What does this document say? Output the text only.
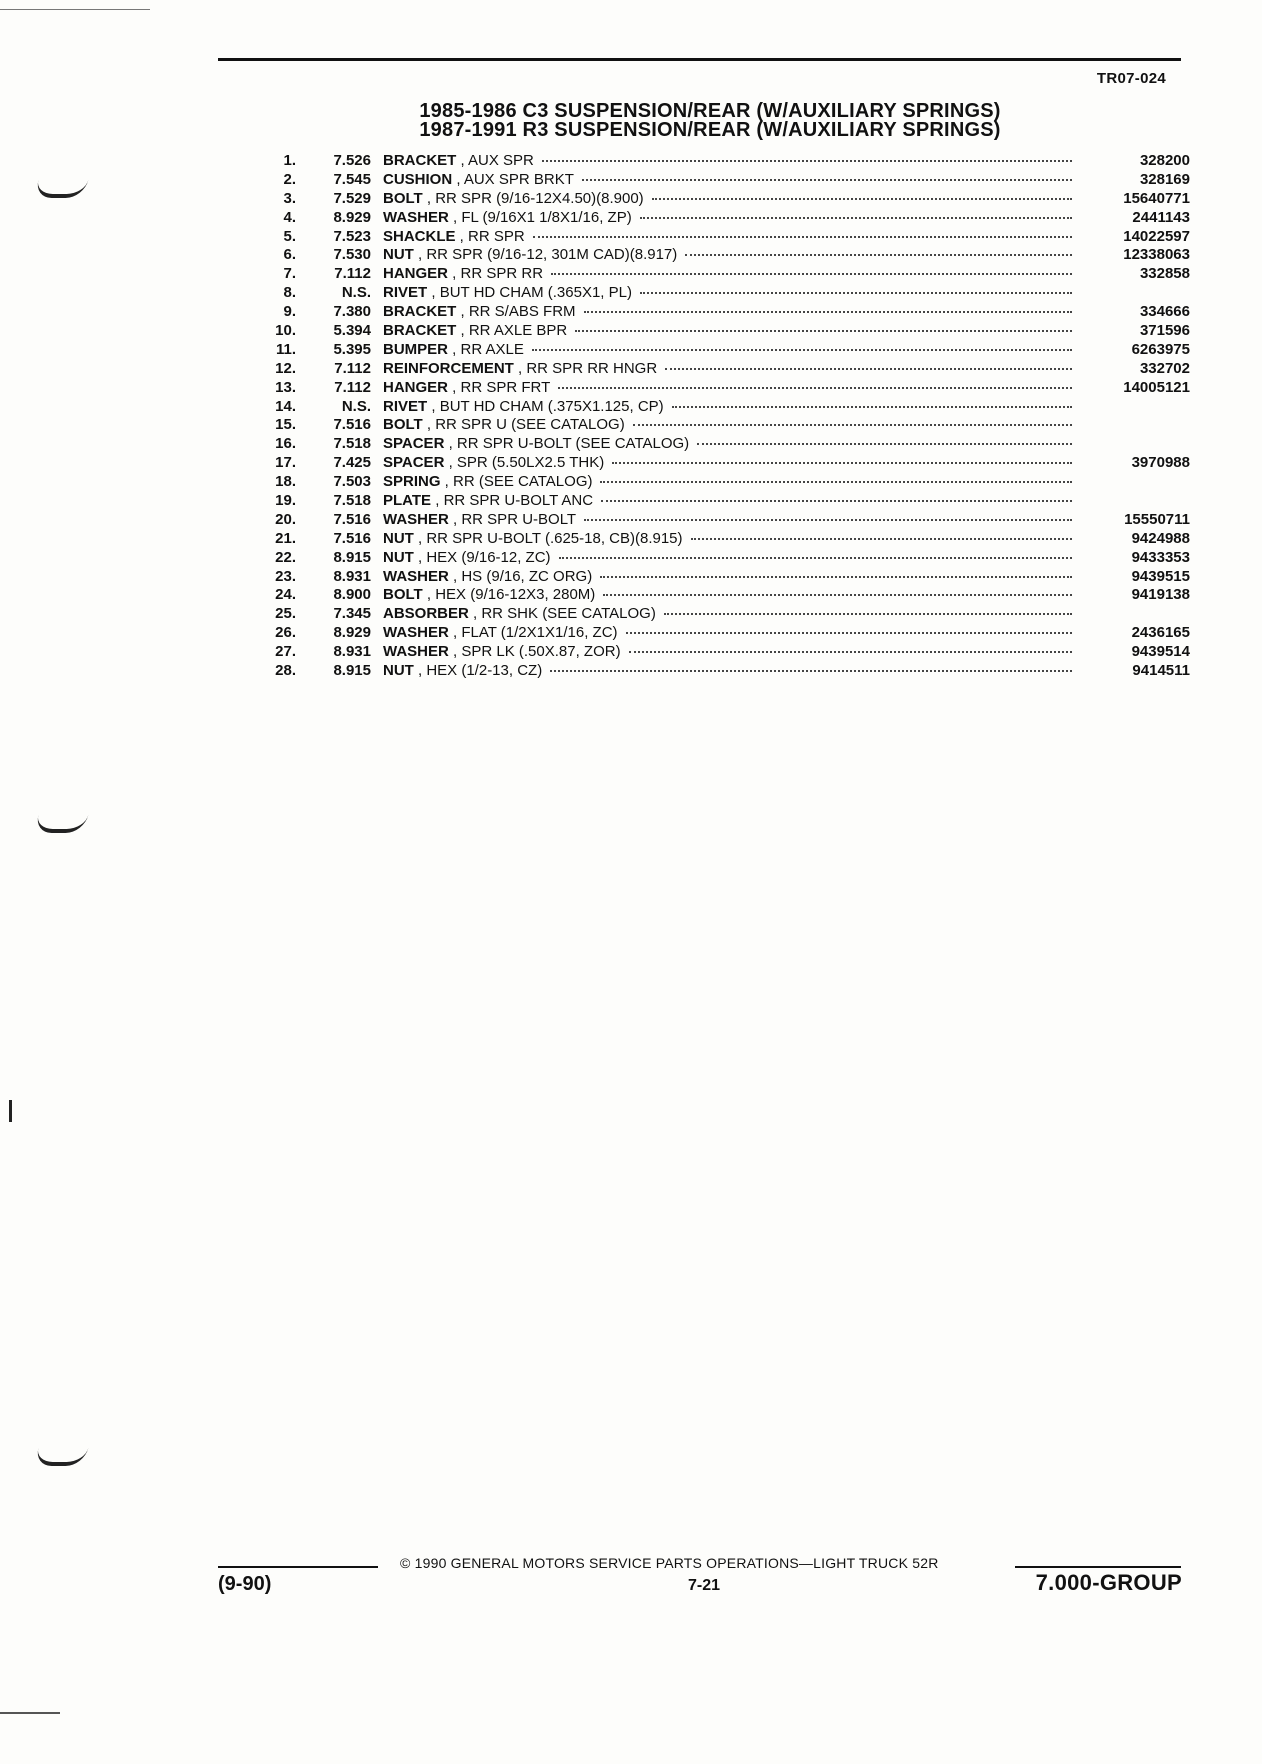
TR07-024
1985-1986 C3 SUSPENSION/REAR (W/AUXILIARY SPRINGS)
1987-1991 R3 SUSPENSION/REAR (W/AUXILIARY SPRINGS)
1.	7.526 BRACKET , AUX SPR	328200
2.	7.545 CUSHION , AUX SPR BRKT	328169
3.	7.529 BOLT , RR SPR (9/16-12X4.50)(8.900)	15640771
4.	8.929 WASHER , FL (9/16X1 1/8X1/16, ZP)	2441143
5.	7.523 SHACKLE , RR SPR	14022597
6.	7.530 NUT , RR SPR (9/16-12, 301M CAD)(8.917)	12338063
7.	7.112 HANGER , RR SPR RR	332858
8.	N.S. RIVET , BUT HD CHAM (.365X1, PL)
9.	7.380 BRACKET , RR S/ABS FRM	334666
10.	5.394 BRACKET , RR AXLE BPR	371596
11.	5.395 BUMPER , RR AXLE	6263975
12.	7.112 REINFORCEMENT , RR SPR RR HNGR	332702
13.	7.112 HANGER , RR SPR FRT	14005121
14.	N.S. RIVET , BUT HD CHAM (.375X1.125, CP)
15.	7.516 BOLT , RR SPR U (SEE CATALOG)
16.	7.518 SPACER , RR SPR U-BOLT (SEE CATALOG)
17.	7.425 SPACER , SPR (5.50LX2.5 THK)	3970988
18.	7.503 SPRING , RR (SEE CATALOG)
19.	7.518 PLATE , RR SPR U-BOLT ANC
20.	7.516 WASHER , RR SPR U-BOLT	15550711
21.	7.516 NUT , RR SPR U-BOLT (.625-18, CB)(8.915)	9424988
22.	8.915 NUT , HEX (9/16-12, ZC)	9433353
23.	8.931 WASHER , HS (9/16, ZC ORG)	9439515
24.	8.900 BOLT , HEX (9/16-12X3, 280M)	9419138
25.	7.345 ABSORBER , RR SHK (SEE CATALOG)
26.	8.929 WASHER , FLAT (1/2X1X1/16, ZC)	2436165
27.	8.931 WASHER , SPR LK (.50X.87, ZOR)	9439514
28.	8.915 NUT , HEX (1/2-13, CZ)	9414511
© 1990 GENERAL MOTORS SERVICE PARTS OPERATIONS—LIGHT TRUCK 52R
(9-90)	7-21	7.000-GROUP
